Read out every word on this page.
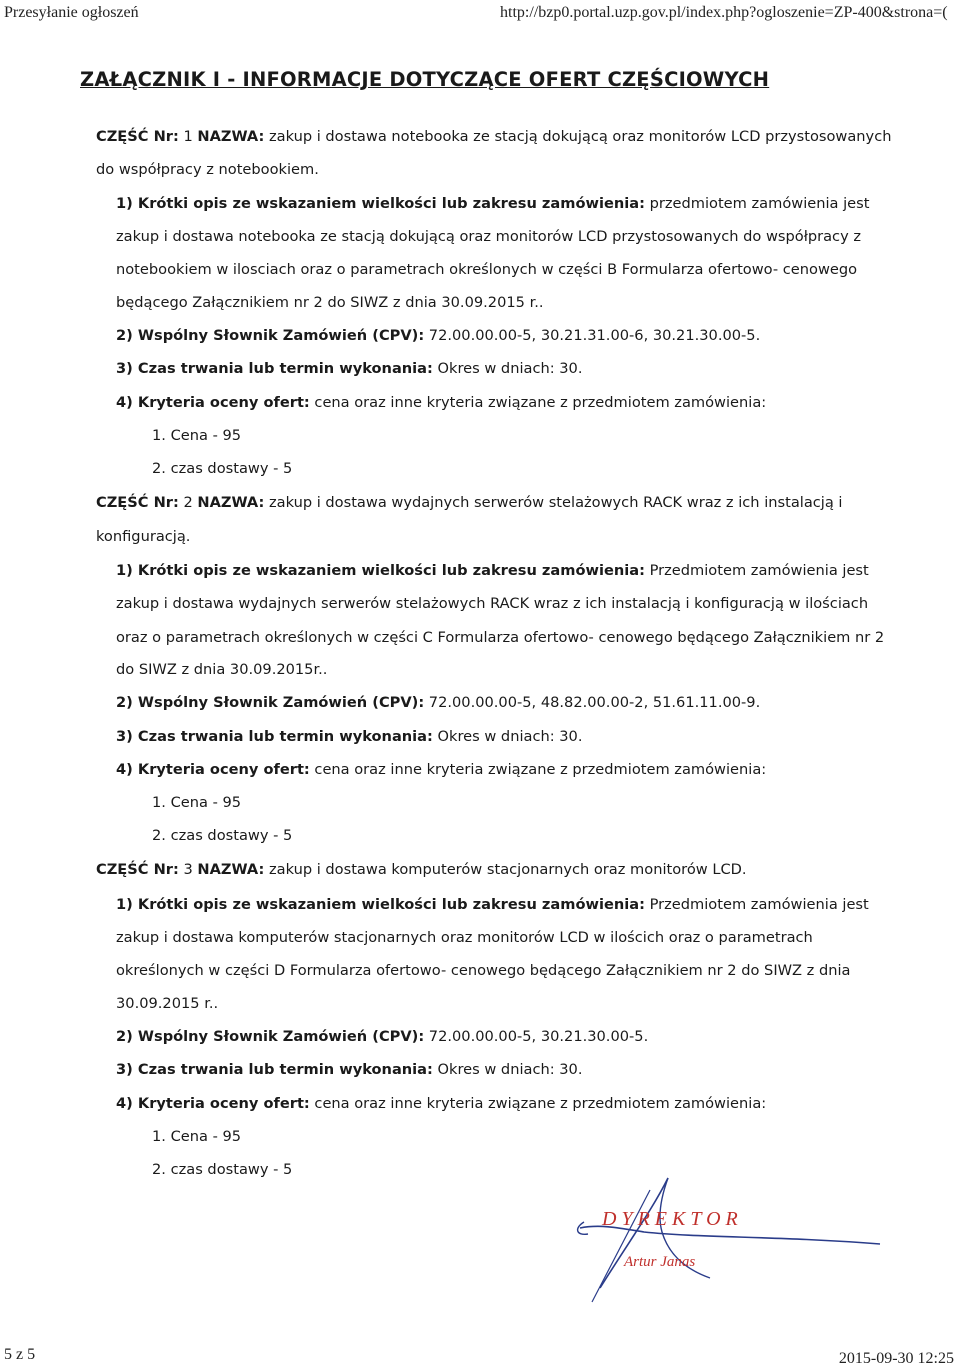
Przesyłanie ogłoszeń	http://bzp0.portal.uzp.gov.pl/index.php?ogloszenie=ZP-400&strona=(
ZAŁĄCZNIK I - INFORMACJE DOTYCZĄCE OFERT CZĘŚCIOWYCH
CZĘŚĆ Nr: 1 NAZWA: zakup i dostawa notebooka ze stacją dokującą oraz monitorów LCD przystosowanych
do współpracy z notebookiem.
1) Krótki opis ze wskazaniem wielkości lub zakresu zamówienia: przedmiotem zamówienia jest
zakup i dostawa notebooka ze stacją dokującą oraz monitorów LCD przystosowanych do współpracy z
notebookiem w ilosciach oraz o parametrach określonych w części B Formularza ofertowo- cenowego
będącego Załącznikiem nr 2 do SIWZ z dnia 30.09.2015 r..
2) Wspólny Słownik Zamówień (CPV): 72.00.00.00-5, 30.21.31.00-6, 30.21.30.00-5.
3) Czas trwania lub termin wykonania: Okres w dniach: 30.
4) Kryteria oceny ofert: cena oraz inne kryteria związane z przedmiotem zamówienia:
1. Cena - 95
2. czas dostawy - 5
CZĘŚĆ Nr: 2 NAZWA: zakup i dostawa wydajnych serwerów stelażowych RACK wraz z ich instalacją i
konfiguracją.
1) Krótki opis ze wskazaniem wielkości lub zakresu zamówienia: Przedmiotem zamówienia jest
zakup i dostawa wydajnych serwerów stelażowych RACK wraz z ich instalacją i konfiguracją w ilościach
oraz o parametrach określonych w części C Formularza ofertowo- cenowego będącego Załącznikiem nr 2
do SIWZ z dnia 30.09.2015r..
2) Wspólny Słownik Zamówień (CPV): 72.00.00.00-5, 48.82.00.00-2, 51.61.11.00-9.
3) Czas trwania lub termin wykonania: Okres w dniach: 30.
4) Kryteria oceny ofert: cena oraz inne kryteria związane z przedmiotem zamówienia:
1. Cena - 95
2. czas dostawy - 5
CZĘŚĆ Nr: 3 NAZWA: zakup i dostawa komputerów stacjonarnych oraz monitorów LCD.
1) Krótki opis ze wskazaniem wielkości lub zakresu zamówienia: Przedmiotem zamówienia jest
zakup i dostawa komputerów stacjonarnych oraz monitorów LCD w ilościch oraz o parametrach
określonych w części D Formularza ofertowo- cenowego będącego Załącznikiem nr 2 do SIWZ z dnia
30.09.2015 r..
2) Wspólny Słownik Zamówień (CPV): 72.00.00.00-5, 30.21.30.00-5.
3) Czas trwania lub termin wykonania: Okres w dniach: 30.
4) Kryteria oceny ofert: cena oraz inne kryteria związane z przedmiotem zamówienia:
1. Cena - 95
2. czas dostawy - 5
DYREKTOR
Artur Janas
5 z 5	2015-09-30 12:25
